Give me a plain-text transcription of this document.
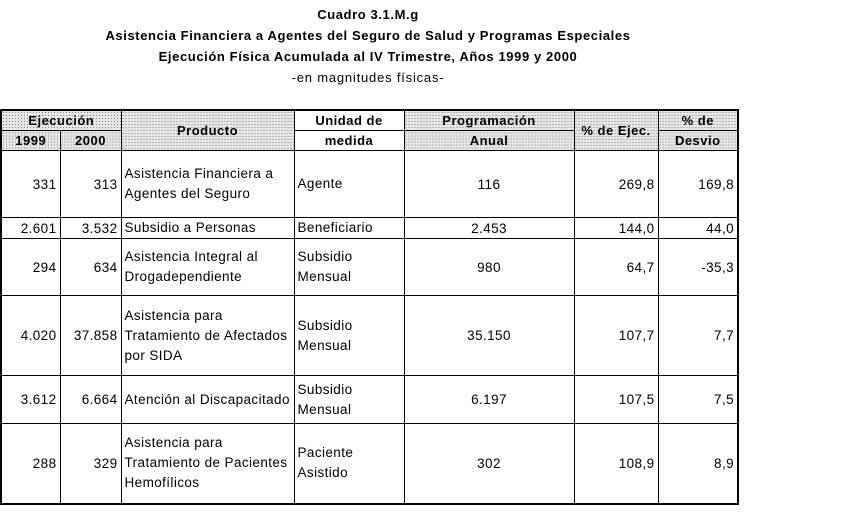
Cuadro 3.1.M.g
Asistencia Financiera a Agentes del Seguro de Salud y Programas Especiales
Ejecución Física Acumulada al IV Trimestre, Años 1999 y 2000
-en magnitudes físicas-
Ejecución		Producto	Unidad de	Programación	% de Ejec.	% de
1999	2000		medida	Anual		Desvio
331	313	Asistencia Financiera a Agentes del Seguro	Agente	116	269,8	169,8
2.601	3.532	Subsidio a Personas	Beneficiario	2.453	144,0	44,0
294	634	Asistencia Integral al Drogadependiente	Subsidio Mensual	980	64,7	-35,3
4.020	37.858	Asistencia para Tratamiento de Afectados por SIDA	Subsidio Mensual	35.150	107,7	7,7
3.612	6.664	Atención al Discapacitado	Subsidio Mensual	6.197	107,5	7,5
288	329	Asistencia para Tratamiento de Pacientes Hemofílicos	Paciente Asistido	302	108,9	8,9
